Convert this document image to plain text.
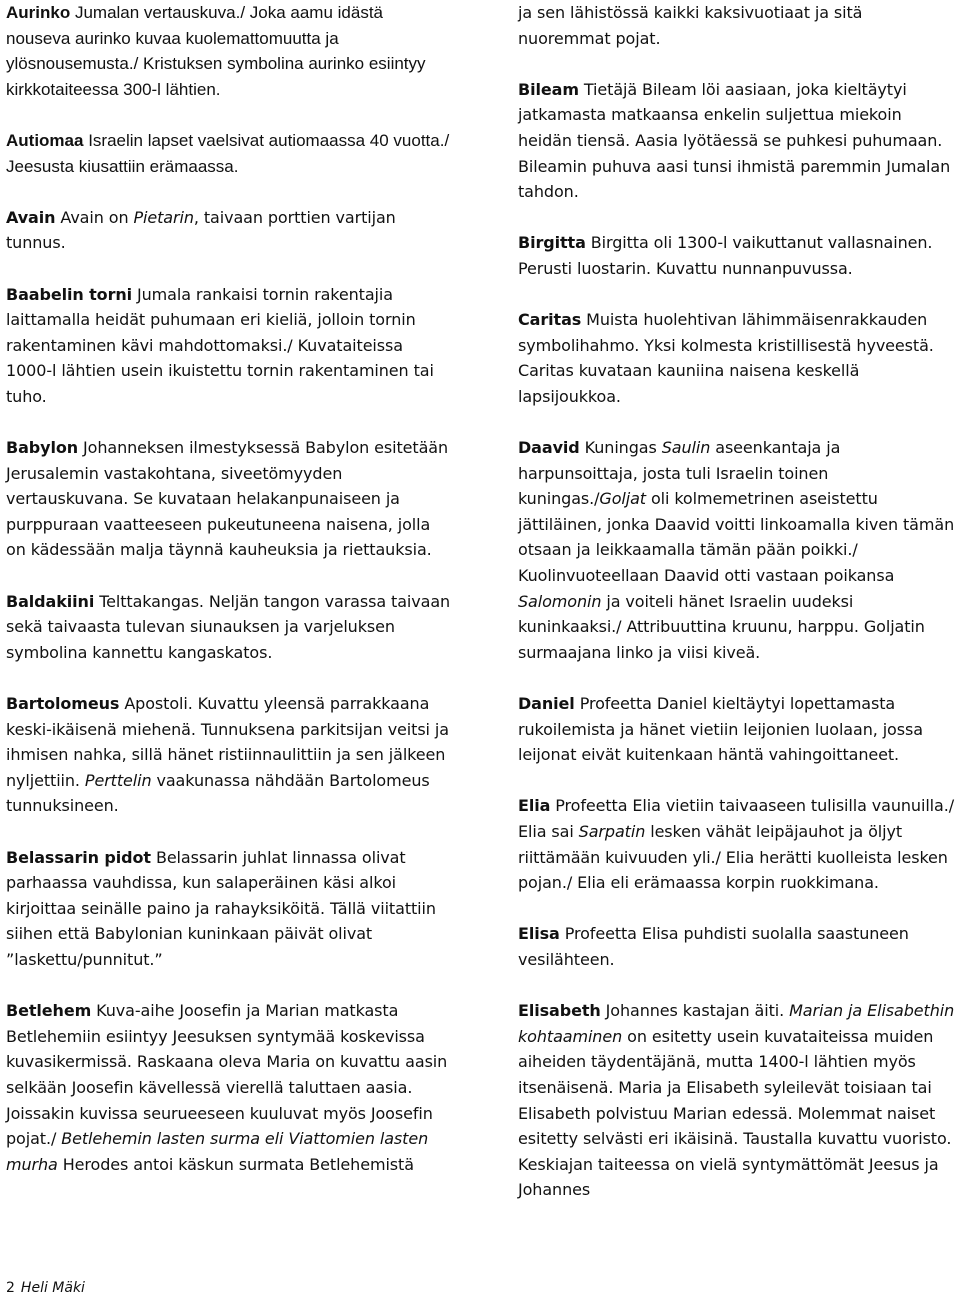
Aurinko Jumalan vertauskuva./ Joka aamu idästä nouseva aurinko kuvaa kuolemattomuutta ja ylösnousemusta./ Kristuksen symbolina aurinko esiintyy kirkkotaiteessa 300-l lähtien.

Autiomaa Israelin lapset vaelsivat autiomaassa 40 vuotta./ Jeesusta kiusattiin erämaassa.

Avain Avain on Pietarin, taivaan porttien vartijan tunnus.

Baabelin torni Jumala rankaisi tornin rakentajia laittamalla heidät puhumaan eri kieliä, jolloin tornin rakentaminen kävi mahdottomaksi./ Kuvataiteissa 1000-l lähtien usein ikuistettu tornin rakentaminen tai tuho.

Babylon Johanneksen ilmestyksessä Babylon esitetään Jerusalemin vastakohtana, siveetömyyden vertauskuvana. Se kuvataan helakanpunaiseen ja purppuraan vaatteeseen pukeutuneena naisena, jolla on kädessään malja täynnä kauheuksia ja riettauksia.

Baldakiini Telttakangas. Neljän tangon varassa taivaan sekä taivaasta tulevan siunauksen ja varjeluksen symbolina kannettu kangaskatos.

Bartolomeus Apostoli. Kuvattu yleensä parrakkaana keski-ikäisenä miehenä. Tunnuksena parkitsijan veitsi ja ihmisen nahka, sillä hänet ristiinnaulittiin ja sen jälkeen nyljettiin. Perttelin vaakunassa nähdään Bartolomeus tunnuksineen.

Belassarin pidot Belassarin juhlat linnassa olivat parhaassa vauhdissa, kun salaperäinen käsi alkoi kirjoittaa seinälle paino ja rahayksiköitä. Tällä viitattiin siihen että Babylonian kuninkaan päivät olivat ”laskettu/punnitut.”

Betlehem Kuva-aihe Joosefin ja Marian matkasta Betlehemiin esiintyy Jeesuksen syntymää koskevissa kuvasikermissä. Raskaana oleva Maria on kuvattu aasin selkään Joosefin kävellessä vierellä taluttaen aasia. Joissakin kuvissa seurueeseen kuuluvat myös Joosefin pojat./ Betlehemin lasten surma eli Viattomien lasten murha Herodes antoi käskun surmata Betlehemistä

ja sen lähistössä kaikki kaksivuotiaat ja sitä nuoremmat pojat.

Bileam Tietäjä Bileam löi aasiaan, joka kieltäytyi jatkamasta matkaansa enkelin suljettua miekoin heidän tiensä. Aasia lyötäessä se puhkesi puhumaan. Bileamin puhuva aasi tunsi ihmistä paremmin Jumalan tahdon.

Birgitta Birgitta oli 1300-l vaikuttanut vallasnainen. Perusti luostarin. Kuvattu nunnanpuvussa.

Caritas Muista huolehtivan lähimmäisenrakkauden symbolihahmo. Yksi kolmesta kristillisestä hyveestä. Caritas kuvataan kauniina naisena keskellä lapsijoukkoa.

Daavid Kuningas Saulin aseenkantaja ja harpunsoittaja, josta tuli Israelin toinen kuningas./Goljat oli kolmemetrinen aseistettu jättiläinen, jonka Daavid voitti linkoamalla kiven tämän otsaan ja leikkaamalla tämän pään poikki./ Kuolinvuoteellaan Daavid otti vastaan poikansa Salomonin ja voiteli hänet Israelin uudeksi kuninkaaksi./ Attribuuttina kruunu, harppu. Goljatin surmaajana linko ja viisi kiveä.

Daniel Profeetta Daniel kieltäytyi lopettamasta rukoilemista ja hänet vietiin leijonien luolaan, jossa leijonat eivät kuitenkaan häntä vahingoittaneet.

Elia Profeetta Elia vietiin taivaaseen tulisilla vaunuilla./ Elia sai Sarpatin lesken vähät leipäjauhot ja öljyt riittämään kuivuuden yli./ Elia herätti kuolleista lesken pojan./ Elia eli erämaassa korpin ruokkimana.

Elisa Profeetta Elisa puhdisti suolalla saastuneen vesilähteen.

Elisabeth Johannes kastajan äiti. Marian ja Elisabethin kohtaaminen on esitetty usein kuvataiteissa muiden aiheiden täydentäjänä, mutta 1400-l lähtien myös itsenäisenä. Maria ja Elisabeth syleilevät toisiaan tai Elisabeth polvistuu Marian edessä. Molemmat naiset esitetty selvästi eri ikäisinä. Taustalla kuvattu vuoristo. Keskiajan taiteessa on vielä syntymättömät Jeesus ja Johannes

2 Heli Mäki
